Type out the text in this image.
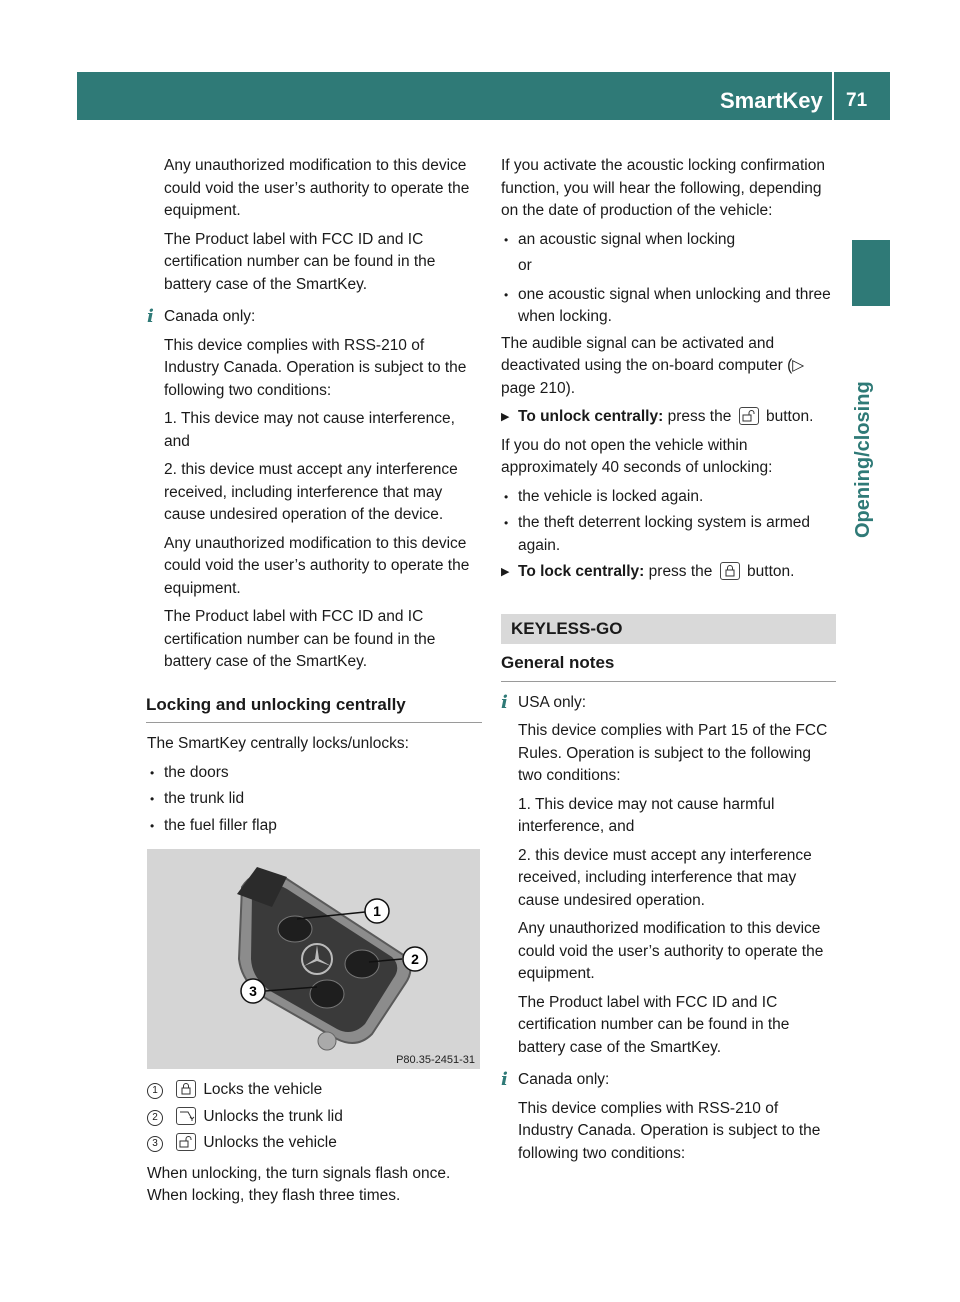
SmartKey 71
Opening/closing

Any unauthorized modification to this device could void the user’s authority to operate the equipment.

The Product label with FCC ID and IC certification number can be found in the battery case of the SmartKey.

i Canada only:

This device complies with RSS-210 of Industry Canada. Operation is subject to the following two conditions:

1. This device may not cause interference, and

2. this device must accept any interference received, including interference that may cause undesired operation of the device.

Any unauthorized modification to this device could void the user’s authority to operate the equipment.

The Product label with FCC ID and IC certification number can be found in the battery case of the SmartKey.

Locking and unlocking centrally

The SmartKey centrally locks/unlocks:

• the doors
• the trunk lid
• the fuel filler flap
1
2
3
P80.35-2451-31
1	Locks the vehicle
2	Unlocks the trunk lid
3	Unlocks the vehicle

When unlocking, the turn signals flash once. When locking, they flash three times.

If you activate the acoustic locking confirmation function, you will hear the following, depending on the date of production of the vehicle:

• an acoustic signal when locking

or

• one acoustic signal when unlocking and three when locking.

The audible signal can be activated and deactivated using the on-board computer (▷ page 210).

▶ To unlock centrally: press the button.

If you do not open the vehicle within approximately 40 seconds of unlocking:

• the vehicle is locked again.
• the theft deterrent locking system is armed again.
▶ To lock centrally: press the button.
KEYLESS-GO
General notes
i USA only:

This device complies with Part 15 of the FCC Rules. Operation is subject to the following two conditions:

1. This device may not cause harmful interference, and

2. this device must accept any interference received, including interference that may cause undesired operation.

Any unauthorized modification to this device could void the user’s authority to operate the equipment.

The Product label with FCC ID and IC certification number can be found in the battery case of the SmartKey.

i Canada only:

This device complies with RSS-210 of Industry Canada. Operation is subject to the following two conditions:
